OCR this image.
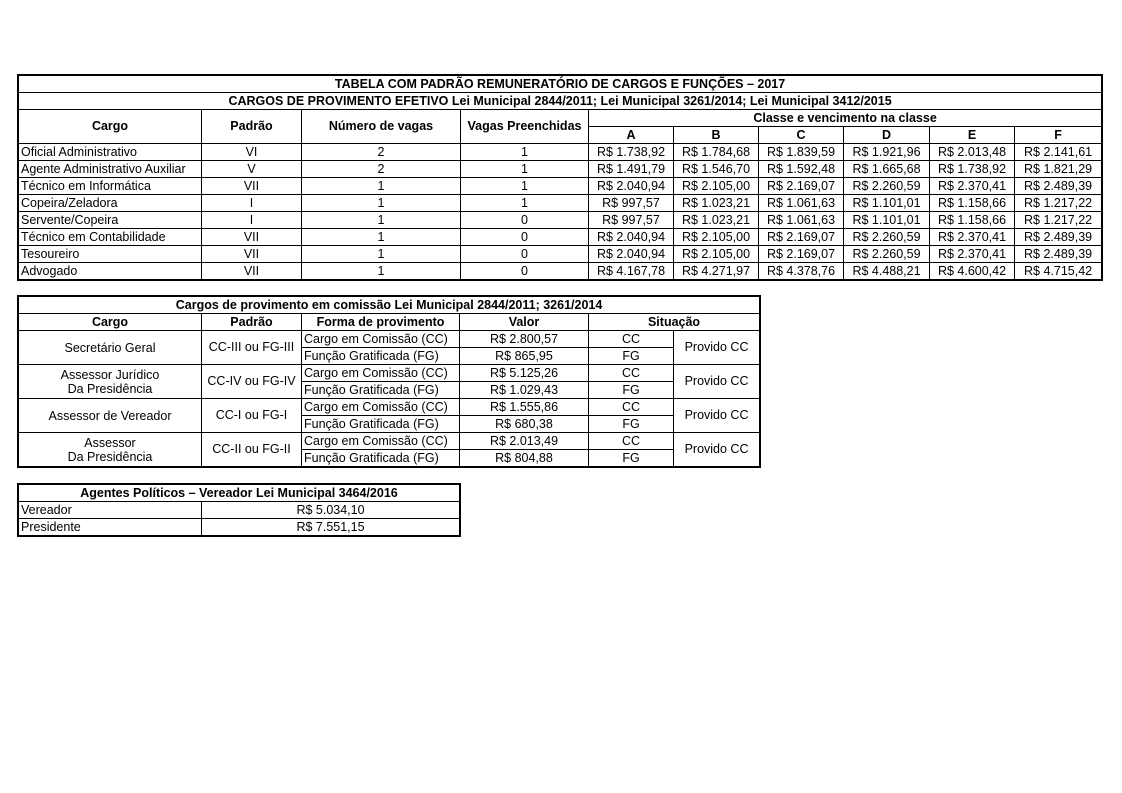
TABELA COM PADRÃO REMUNERATÓRIO DE CARGOS E FUNÇÕES – 2017									
CARGOS DE PROVIMENTO EFETIVO Lei Municipal 2844/2011; Lei Municipal 3261/2014; Lei Municipal 3412/2015									
Cargo	Padrão	Número de vagas	Vagas Preenchidas	Classe e vencimento na classe					
				A	B	C	D	E	F
Oficial Administrativo	VI	2	1	R$ 1.738,92	R$ 1.784,68	R$ 1.839,59	R$ 1.921,96	R$ 2.013,48	R$ 2.141,61
Agente Administrativo Auxiliar	V	2	1	R$ 1.491,79	R$ 1.546,70	R$ 1.592,48	R$ 1.665,68	R$ 1.738,92	R$ 1.821,29
Técnico em Informática	VII	1	1	R$ 2.040,94	R$ 2.105,00	R$ 2.169,07	R$ 2.260,59	R$ 2.370,41	R$ 2.489,39
Copeira/Zeladora	I	1	1	R$ 997,57	R$ 1.023,21	R$ 1.061,63	R$ 1.101,01	R$ 1.158,66	R$ 1.217,22
Servente/Copeira	I	1	0	R$ 997,57	R$ 1.023,21	R$ 1.061,63	R$ 1.101,01	R$ 1.158,66	R$ 1.217,22
Técnico em Contabilidade	VII	1	0	R$ 2.040,94	R$ 2.105,00	R$ 2.169,07	R$ 2.260,59	R$ 2.370,41	R$ 2.489,39
Tesoureiro	VII	1	0	R$ 2.040,94	R$ 2.105,00	R$ 2.169,07	R$ 2.260,59	R$ 2.370,41	R$ 2.489,39
Advogado	VII	1	0	R$ 4.167,78	R$ 4.271,97	R$ 4.378,76	R$ 4.488,21	R$ 4.600,42	R$ 4.715,42
Cargos de provimento em comissão Lei Municipal 2844/2011; 3261/2014					
Cargo	Padrão	Forma de provimento	Valor	Situação	

Secretário Geral	CC-III ou FG-III	Cargo em Comissão (CC)	R$ 2.800,57	CC	Provido CC
		Função Gratificada (FG)	R$ 865,95	FG	

Assessor Jurídico
Da Presidência	CC-IV ou FG-IV	Cargo em Comissão (CC)	R$ 5.125,26	CC	Provido CC
		Função Gratificada (FG)	R$ 1.029,43	FG	

Assessor de Vereador	CC-I ou FG-I	Cargo em Comissão (CC)	R$ 1.555,86	CC	Provido CC
		Função Gratificada (FG)	R$ 680,38	FG	

Assessor
Da Presidência	CC-II ou FG-II	Cargo em Comissão (CC)	R$ 2.013,49	CC	Provido CC
		Função Gratificada (FG)	R$ 804,88	FG	
Agentes Políticos – Vereador Lei Municipal 3464/2016	
Vereador	R$ 5.034,10
Presidente	R$ 7.551,15
